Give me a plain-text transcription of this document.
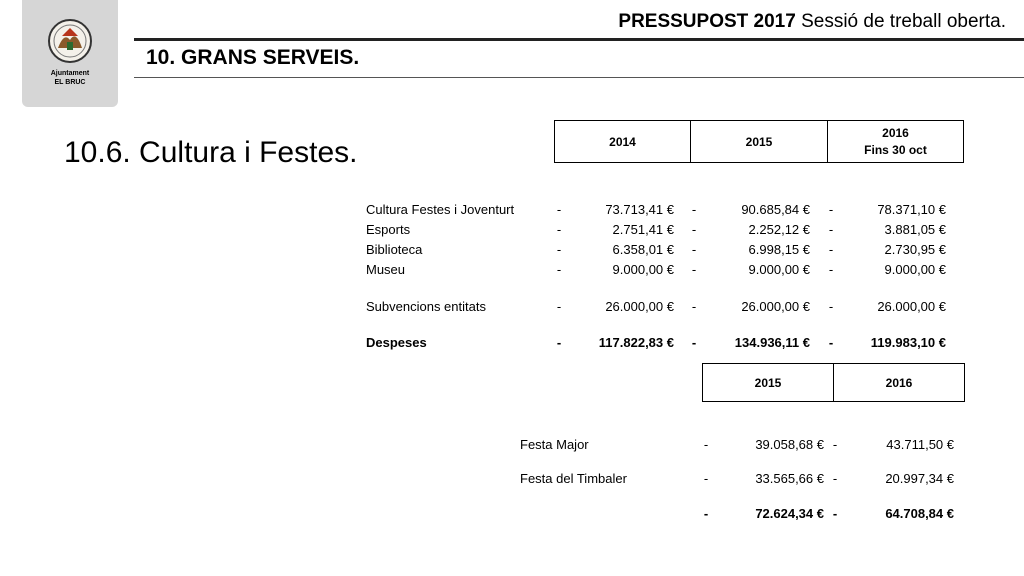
Ajuntament
EL BRUC
PRESSUPOST 2017 Sessió de treball oberta.
10. GRANS SERVEIS.
10.6. Cultura i Festes.	2014	2015	2016
Fins 30 oct
Cultura Festes i Joventurt	-	73.713,41 € -	90.685,84 € -	78.371,10 €
Esports	-	2.751,41 € -	2.252,12 € -	3.881,05 €
Biblioteca	-	6.358,01 € -	6.998,15 € -	2.730,95 €
Museu	-	9.000,00 € -	9.000,00 € -	9.000,00 €
Subvencions entitats	-	26.000,00 € -	26.000,00 € -	26.000,00 €
Despeses	-	117.822,83 € -	134.936,11 € -	119.983,10 €
2015	2016
Festa Major	-	39.058,68 € -	43.711,50 €
Festa del Timbaler	-	33.565,66 € -	20.997,34 €
-	72.624,34 € -	64.708,84 €
